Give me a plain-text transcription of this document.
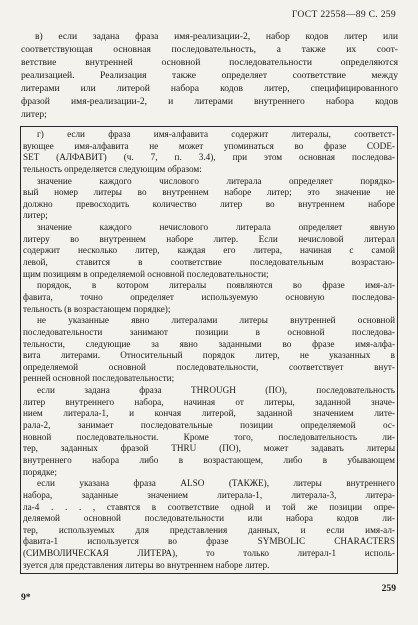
ГОСТ 22558—89 С. 259
в) если задана фраза имя-реализации-2, набор кодов литер или
соответствующая основная последовательность, а также их соот-
ветствие внутренней основной последовательности определяются
реализацией. Реализация также определяет соответствие между
литерами или литерой набора кодов литер, специфицированного
фразой имя-реализации-2, и литерами внутреннего набора кодов
литер;
г) если фраза имя-алфавита содержит литералы, соответст-
вующее имя-алфавита не может упоминаться во фразе CODE-
SET (АЛФАВИТ) (ч. 7, п. 3.4), при этом основная последова-
тельность определяется следующим образом:
значение каждого числового литерала определяет порядко-
вый номер литеры во внутреннем наборе литер; это значение не
должно превосходить количество литер во внутреннем наборе
литер;
значение каждого нечислового литерала определяет явную
литеру во внутреннем наборе литер. Если нечисловой литерал
содержит несколько литер, каждая его литера, начиная с самой
левой, ставится в соответствие последовательным возрастаю-
щим позициям в определяемой основной последовательности;
порядок, в котором литералы появляются во фразе имя-ал-
фавита, точно определяет используемую основную последова-
тельность (в возрастающем порядке);
не указанные явно литералами литеры внутренней основной
последовательности занимают позиции в основной последова-
тельности, следующие за явно заданными во фразе имя-алфа-
вита литерами. Относительный порядок литер, не указанных в
определяемой основной последовательности, соответствует внут-
ренней основной последовательности;
если задана фраза THROUGH (ПО), последовательность
литер внутреннего набора, начиная от литеры, заданной значе-
нием литерала-1, и кончая литерой, заданной значением лите-
рала-2, занимает последовательные позиции определяемой ос-
новной последовательности. Кроме того, последовательность ли-
тер, заданных фразой THRU (ПО), может задавать литеры
внутреннего набора либо в возрастающем, либо в убывающем
порядке;
если указана фраза ALSO (ТАКЖЕ), литеры внутреннего
набора, заданные значением литерала-1, литерала-3, литера-
ла-4 . . . , ставятся в соответствие одной и той же позиции опре-
деляемой основной последовательности или набора кодов ли-
тер, используемых для представления данных, и если имя-ал-
фавита-1 используется во фразе SYMBOLIC CHARACTERS
(СИМВОЛИЧЕСКАЯ ЛИТЕРА), то только литерал-1 исполь-
зуется для представления литеры во внутреннем наборе литер.
259
9*
